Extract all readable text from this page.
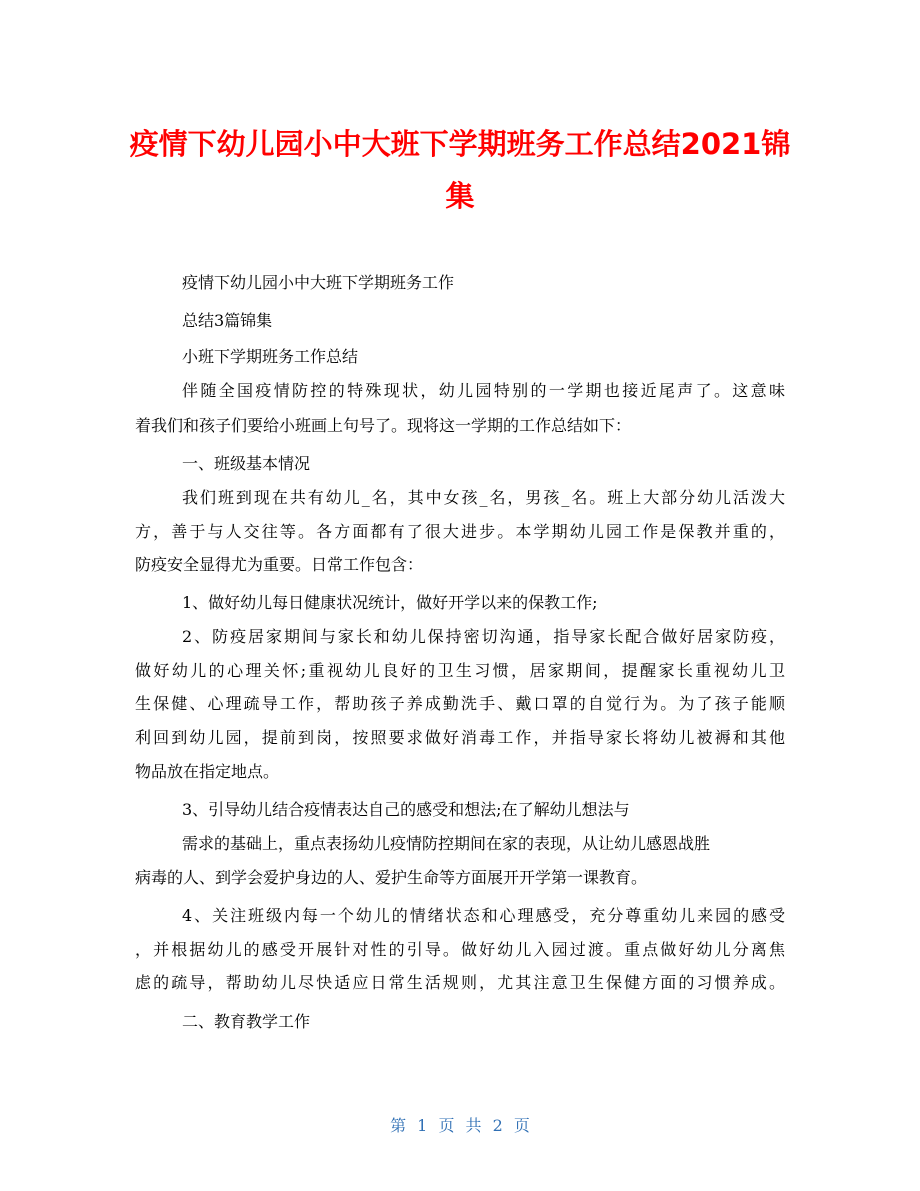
疫情下幼儿园小中大班下学期班务工作总结2021锦集

疫情下幼儿园小中大班下学期班务工作

总结3篇锦集

小班下学期班务工作总结

伴随全国疫情防控的特殊现状，幼儿园特别的一学期也接近尾声了。这意味

着我们和孩子们要给小班画上句号了。现将这一学期的工作总结如下：

一、班级基本情况

我们班到现在共有幼儿_名，其中女孩_名，男孩_名。班上大部分幼儿活泼大

方，善于与人交往等。各方面都有了很大进步。本学期幼儿园工作是保教并重的，

防疫安全显得尤为重要。日常工作包含：

1、做好幼儿每日健康状况统计，做好开学以来的保教工作;

2、防疫居家期间与家长和幼儿保持密切沟通，指导家长配合做好居家防疫，

做好幼儿的心理关怀;重视幼儿良好的卫生习惯，居家期间，提醒家长重视幼儿卫

生保健、心理疏导工作，帮助孩子养成勤洗手、戴口罩的自觉行为。为了孩子能顺

利回到幼儿园，提前到岗，按照要求做好消毒工作，并指导家长将幼儿被褥和其他

物品放在指定地点。

3、引导幼儿结合疫情表达自己的感受和想法;在了解幼儿想法与

需求的基础上，重点表扬幼儿疫情防控期间在家的表现，从让幼儿感恩战胜

病毒的人、到学会爱护身边的人、爱护生命等方面展开开学第一课教育。

4、关注班级内每一个幼儿的情绪状态和心理感受，充分尊重幼儿来园的感受

，并根据幼儿的感受开展针对性的引导。做好幼儿入园过渡。重点做好幼儿分离焦

虑的疏导，帮助幼儿尽快适应日常生活规则，尤其注意卫生保健方面的习惯养成。

二、教育教学工作

第 1 页 共 2 页
